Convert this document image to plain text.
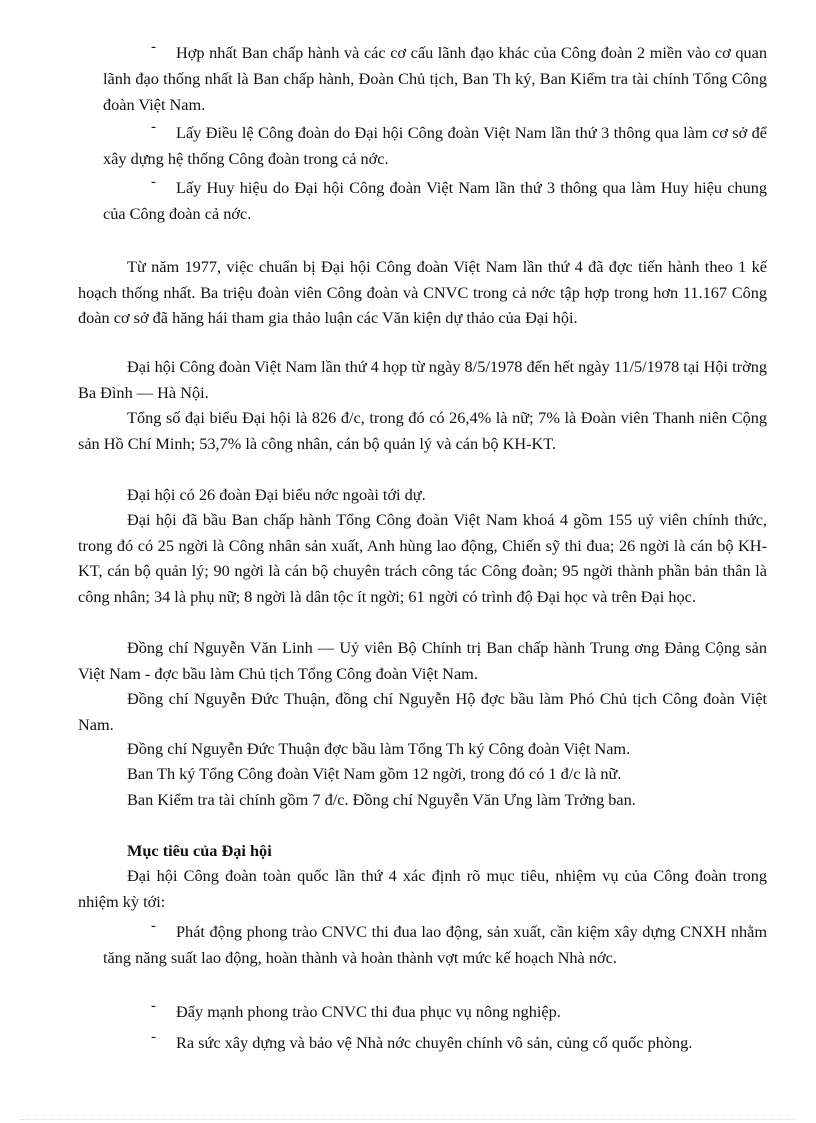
-	Hợp nhất Ban chấp hành và các cơ cấu lãnh đạo khác của Công đoàn 2 miền vào cơ quan lãnh đạo thống nhất là Ban chấp hành, Đoàn Chủ tịch, Ban Th ký, Ban Kiểm tra tài chính Tổng Công đoàn Việt Nam.
-	Lấy Điều lệ Công đoàn do Đại hội Công đoàn Việt Nam lần thứ 3 thông qua làm cơ sở để xây dựng hệ thống Công đoàn trong cả nớc.
-	Lấy Huy hiệu do Đại hội Công đoàn Việt Nam lần thứ 3 thông qua làm Huy hiệu chung của Công đoàn cả nớc.
Từ năm 1977, việc chuẩn bị Đại hội Công đoàn Việt Nam lần thứ 4 đã đợc tiến hành theo 1 kế hoạch thống nhất. Ba triệu đoàn viên Công đoàn và CNVC trong cả nớc tập hợp trong hơn 11.167 Công đoàn cơ sở đã hăng hái tham gia thảo luận các Văn kiện dự thảo của Đại hội.
Đại hội Công đoàn Việt Nam lần thứ 4 họp từ ngày 8/5/1978 đến hết ngày 11/5/1978 tại Hội trờng Ba Đình — Hà Nội.
Tổng số đại biểu Đại hội là 826 đ/c, trong đó có 26,4% là nữ; 7% là Đoàn viên Thanh niên Cộng sản Hồ Chí Minh; 53,7% là công nhân, cán bộ quản lý và cán bộ KH-KT.
Đại hội có 26 đoàn Đại biểu nớc ngoài tới dự.
Đại hội đã bầu Ban chấp hành Tổng Công đoàn Việt Nam khoá 4 gồm 155 uỷ viên chính thức, trong đó có 25 ngời là Công nhân sản xuất, Anh hùng lao động, Chiến sỹ thi đua; 26 ngời là cán bộ KH-KT, cán bộ quản lý; 90 ngời là cán bộ chuyên trách công tác Công đoàn; 95 ngời thành phần bản thân là công nhân; 34 là phụ nữ; 8 ngời là dân tộc ít ngời; 61 ngời có trình độ Đại học và trên Đại học.
Đồng chí Nguyễn Văn Linh — Uỷ viên Bộ Chính trị Ban chấp hành Trung ơng Đảng Cộng sản Việt Nam - đợc bầu làm Chủ tịch Tổng Công đoàn Việt Nam.
Đồng chí Nguyễn Đức Thuận, đồng chí Nguyễn Hộ đợc bầu làm Phó Chủ tịch Công đoàn Việt Nam.
Đồng chí Nguyễn Đức Thuận đợc bầu làm Tổng Th ký Công đoàn Việt Nam.
Ban Th ký Tổng Công đoàn Việt Nam gồm 12 ngời, trong đó có 1 đ/c là nữ.
Ban Kiểm tra tài chính gồm 7 đ/c. Đồng chí Nguyễn Văn Ưng làm Trởng ban.
Mục tiêu của Đại hội
Đại hội Công đoàn toàn quốc lần thứ 4 xác định rõ mục tiêu, nhiệm vụ của Công đoàn trong nhiệm kỳ tới:
-	Phát động phong trào CNVC thi đua lao động, sản xuất, cần kiệm xây dựng CNXH nhằm tăng năng suất lao động, hoàn thành và hoàn thành vợt mức kế hoạch Nhà nớc.
-	Đẩy mạnh phong trào CNVC thi đua phục vụ nông nghiệp.
-	Ra sức xây dựng và bảo vệ Nhà nớc chuyên chính vô sản, củng cố quốc phòng.
